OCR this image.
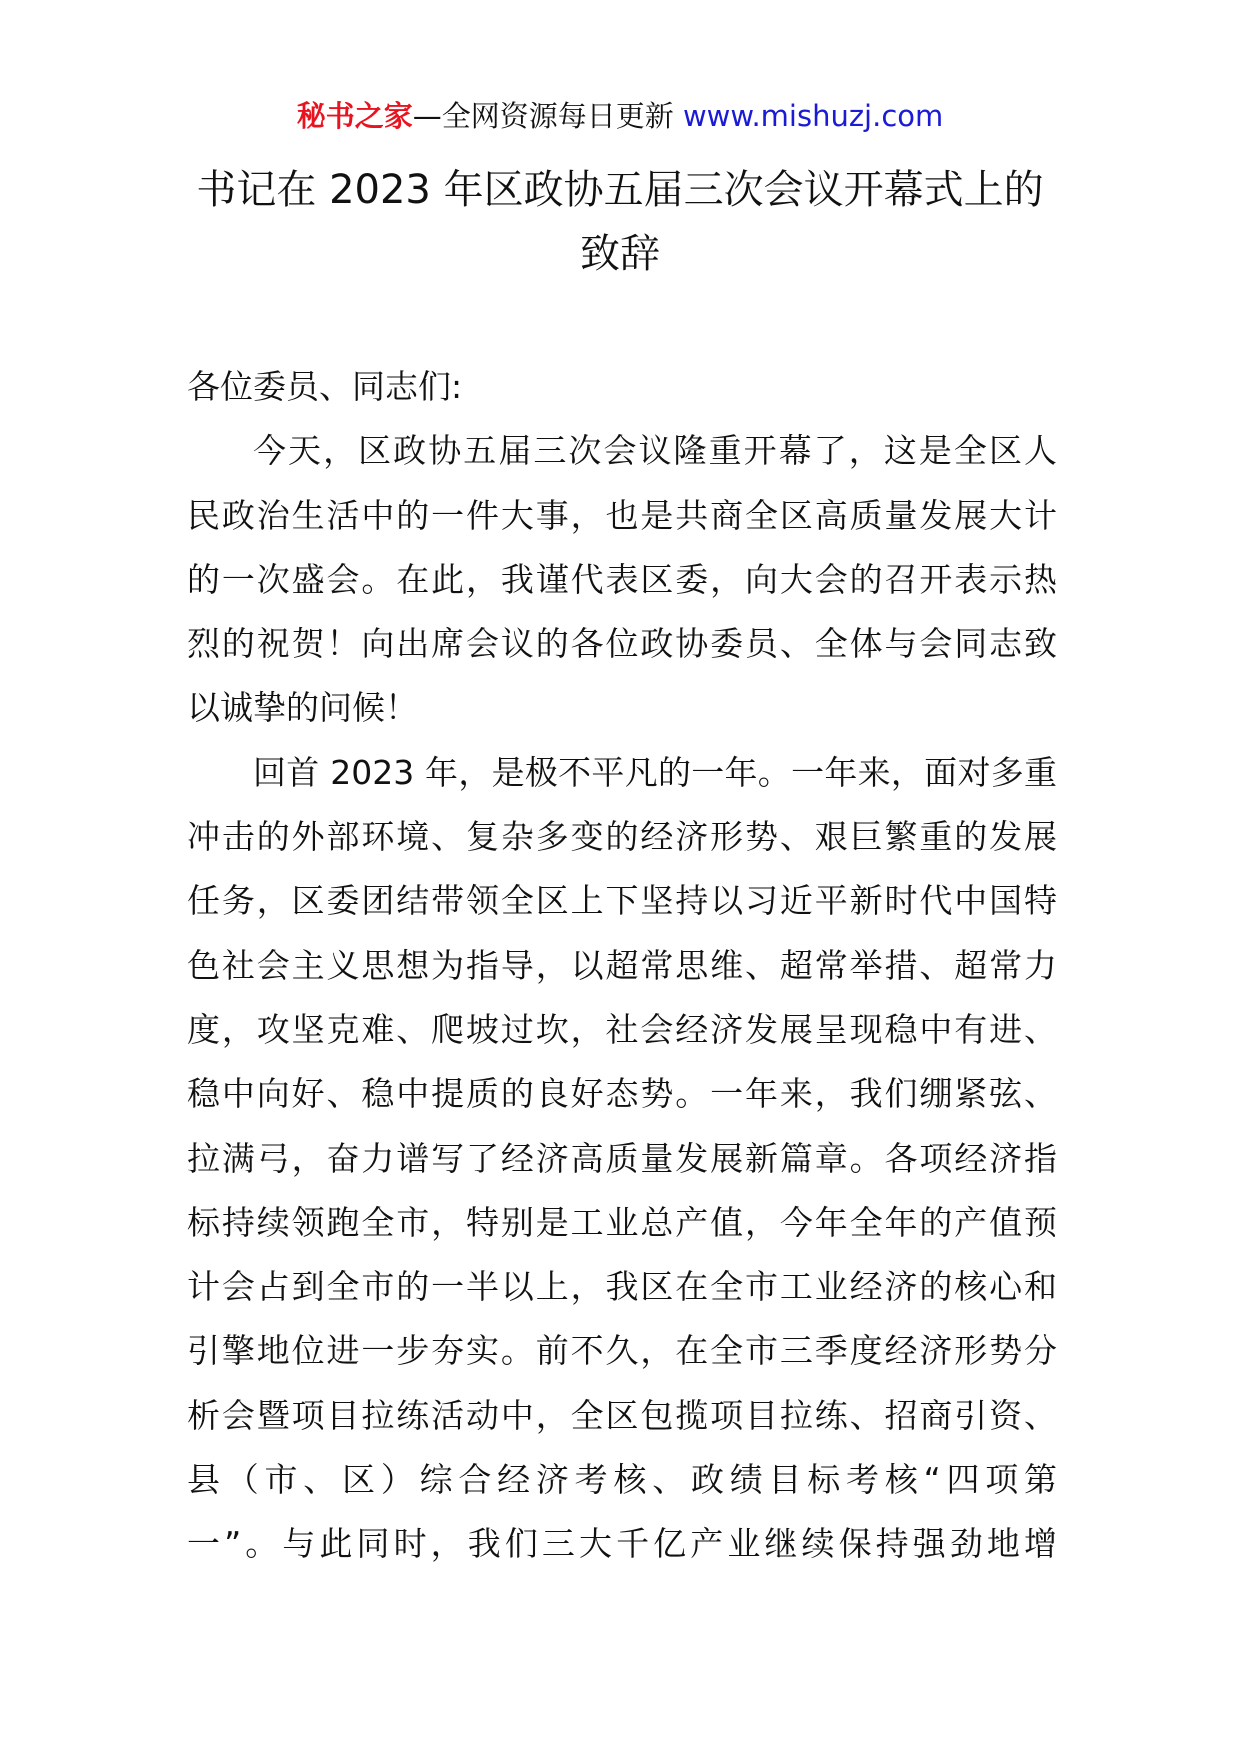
秘书之家—全网资源每日更新 www.mishuzj.com
书记在 2023 年区政协五届三次会议开幕式上的
致辞
各位委员、同志们:
今天，区政协五届三次会议隆重开幕了，这是全区人
民政治生活中的一件大事，也是共商全区高质量发展大计
的一次盛会。在此，我谨代表区委，向大会的召开表示热
烈的祝贺！向出席会议的各位政协委员、全体与会同志致
以诚挚的问候！
回首 2023 年，是极不平凡的一年。一年来，面对多重
冲击的外部环境、复杂多变的经济形势、艰巨繁重的发展
任务，区委团结带领全区上下坚持以习近平新时代中国特
色社会主义思想为指导，以超常思维、超常举措、超常力
度，攻坚克难、爬坡过坎，社会经济发展呈现稳中有进、
稳中向好、稳中提质的良好态势。一年来，我们绷紧弦、
拉满弓，奋力谱写了经济高质量发展新篇章。各项经济指
标持续领跑全市，特别是工业总产值，今年全年的产值预
计会占到全市的一半以上，我区在全市工业经济的核心和
引擎地位进一步夯实。前不久，在全市三季度经济形势分
析会暨项目拉练活动中，全区包揽项目拉练、招商引资、
县（市、区）综合经济考核、政绩目标考核“四项第
一”。与此同时，我们三大千亿产业继续保持强劲地增
